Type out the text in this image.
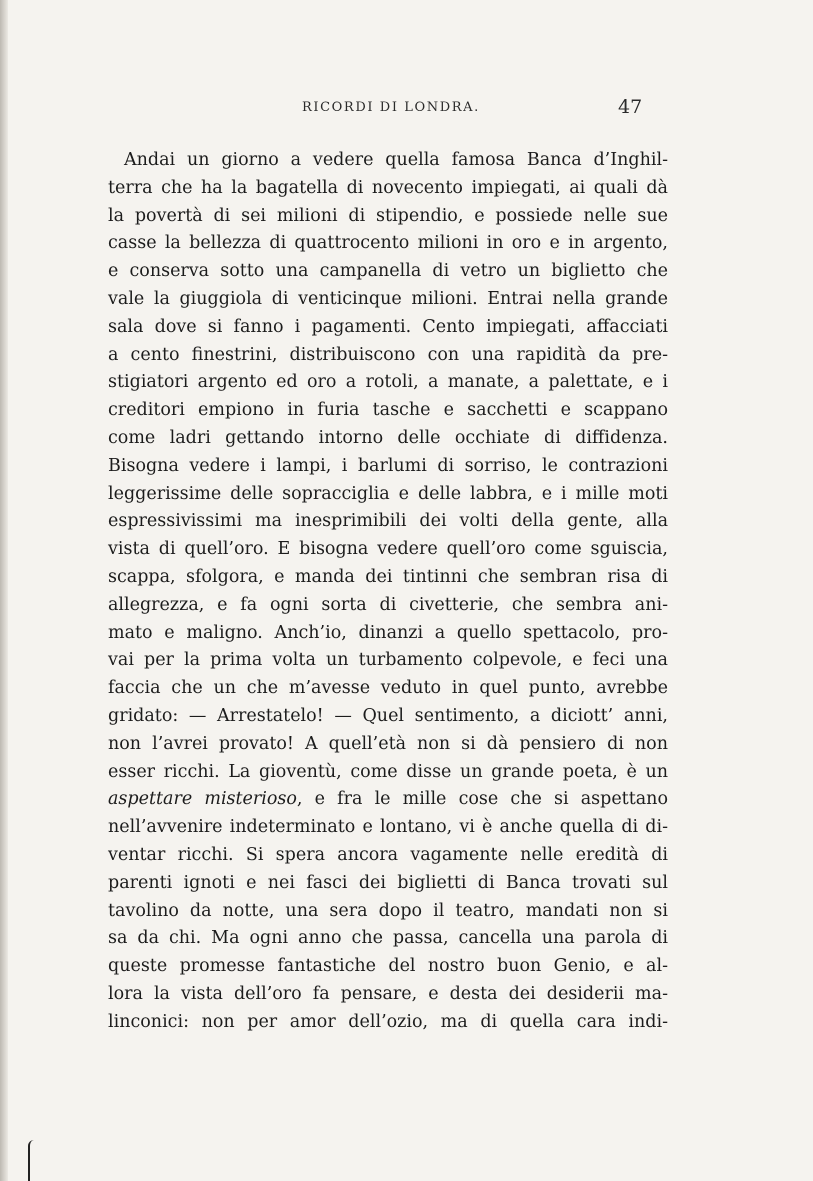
RICORDI DI LONDRA.	47
Andai un giorno a vedere quella famosa Banca d’Inghil-
terra che ha la bagatella di novecento impiegati, ai quali dà
la povertà di sei milioni di stipendio, e possiede nelle sue
casse la bellezza di quattrocento milioni in oro e in argento,
e conserva sotto una campanella di vetro un biglietto che
vale la giuggiola di venticinque milioni. Entrai nella grande
sala dove si fanno i pagamenti. Cento impiegati, affacciati
a cento finestrini, distribuiscono con una rapidità da pre-
stigiatori argento ed oro a rotoli, a manate, a palettate, e i
creditori empiono in furia tasche e sacchetti e scappano
come ladri gettando intorno delle occhiate di diffidenza.
Bisogna vedere i lampi, i barlumi di sorriso, le contrazioni
leggerissime delle sopracciglia e delle labbra, e i mille moti
espressivissimi ma inesprimibili dei volti della gente, alla
vista di quell’oro. E bisogna vedere quell’oro come sguiscia,
scappa, sfolgora, e manda dei tintinni che sembran risa di
allegrezza, e fa ogni sorta di civetterie, che sembra ani-
mato e maligno. Anch’io, dinanzi a quello spettacolo, pro-
vai per la prima volta un turbamento colpevole, e feci una
faccia che un che m’avesse veduto in quel punto, avrebbe
gridato: — Arrestatelo! — Quel sentimento, a diciott’ anni,
non l’avrei provato! A quell’età non si dà pensiero di non
esser ricchi. La gioventù, come disse un grande poeta, è un
aspettare misterioso, e fra le mille cose che si aspettano
nell’avvenire indeterminato e lontano, vi è anche quella di di-
ventar ricchi. Si spera ancora vagamente nelle eredità di
parenti ignoti e nei fasci dei biglietti di Banca trovati sul
tavolino da notte, una sera dopo il teatro, mandati non si
sa da chi. Ma ogni anno che passa, cancella una parola di
queste promesse fantastiche del nostro buon Genio, e al-
lora la vista dell’oro fa pensare, e desta dei desiderii ma-
linconici: non per amor dell’ozio, ma di quella cara indi-
